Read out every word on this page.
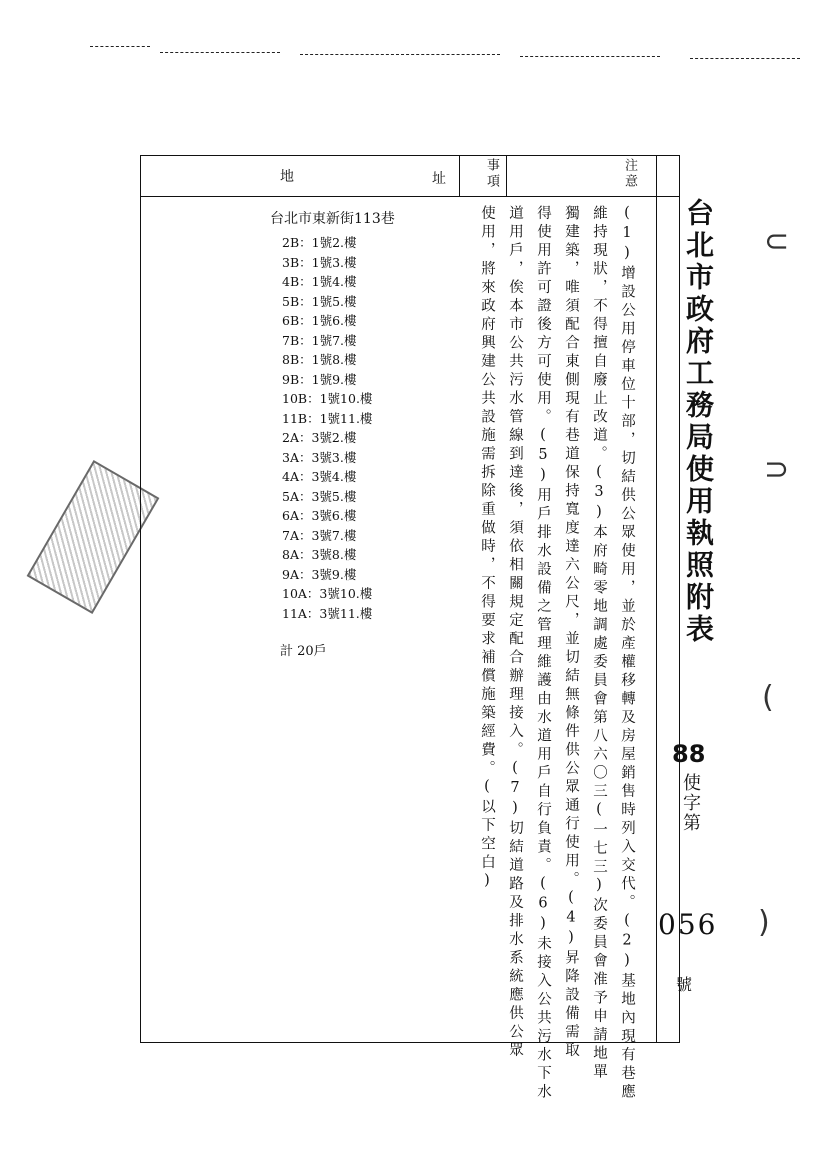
⊂
⊃
(
)
地	址	事項	注意
台北市東新街113巷
2B：1號2.樓
3B：1號3.樓
4B：1號4.樓
5B：1號5.樓
6B：1號6.樓
7B：1號7.樓
8B：1號8.樓
9B：1號9.樓
10B：1號10.樓
11B：1號11.樓
2A：3號2.樓
3A：3號3.樓
4A：3號4.樓
5A：3號5.樓
6A：3號6.樓
7A：3號7.樓
8A：3號8.樓
9A：3號9.樓
10A：3號10.樓
11A：3號11.樓
計 20戶	(1)增設公用停車位十部，切結供公眾使用，並於產權移轉及房屋銷售時列入交代。(2)基地內現有巷應
維持現狀，不得擅自廢止改道。(3)本府畸零地調處委員會第八六〇三(一七三)次委員會准予申請地單
獨建築，唯須配合東側現有巷道保持寬度達六公尺，並切結無條件供公眾通行使用。(4)昇降設備需取
得使用許可證後方可使用。(5)用戶排水設備之管理維護由水道用戶自行負責。(6)未接入公共污水下水
道用戶，俟本市公共污水管線到達後，須依相關規定配合辦理接入。(7)切結道路及排水系統應供公眾
使用，將來政府興建公共設施需拆除重做時，不得要求補償施築經費。(以下空白)	台北市政府工務局使用執照附表
88
使字第
056
號
